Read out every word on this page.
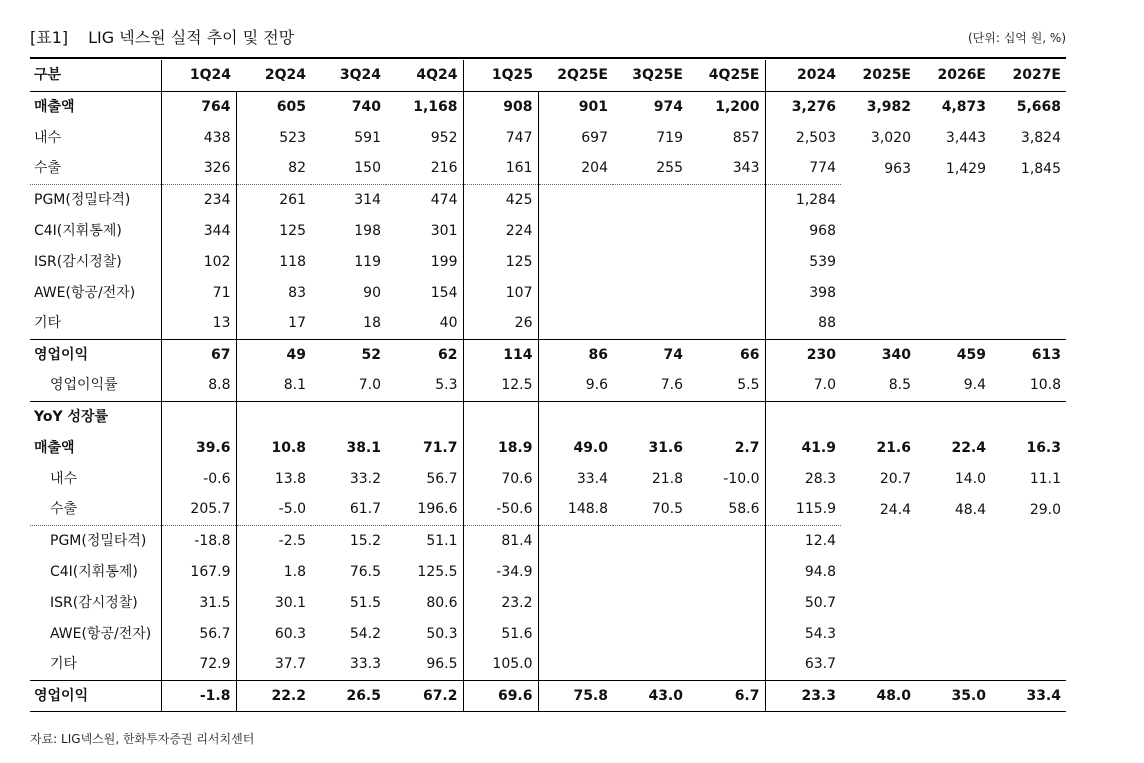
[표1] LIG 넥스원 실적 추이 및 전망	(단위: 십억 원, %)
구분	1Q24	2Q24	3Q24	4Q24	1Q25	2Q25E	3Q25E	4Q25E	2024	2025E	2026E	2027E
매출액	764	605	740	1,168	908	901	974	1,200	3,276	3,982	4,873	5,668
내수	438	523	591	952	747	697	719	857	2,503	3,020	3,443	3,824
수출	326	82	150	216	161	204	255	343	774	963	1,429	1,845
PGM(정밀타격)	234	261	314	474	425				1,284			
C4I(지휘통제)	344	125	198	301	224				968			
ISR(감시정찰)	102	118	119	199	125				539			
AWE(항공/전자)	71	83	90	154	107				398			
기타	13	17	18	40	26				88			
영업이익	67	49	52	62	114	86	74	66	230	340	459	613
영업이익률	8.8	8.1	7.0	5.3	12.5	9.6	7.6	5.5	7.0	8.5	9.4	10.8
YoY 성장률												
매출액	39.6	10.8	38.1	71.7	18.9	49.0	31.6	2.7	41.9	21.6	22.4	16.3
내수	-0.6	13.8	33.2	56.7	70.6	33.4	21.8	-10.0	28.3	20.7	14.0	11.1
수출	205.7	-5.0	61.7	196.6	-50.6	148.8	70.5	58.6	115.9	24.4	48.4	29.0
PGM(정밀타격)	-18.8	-2.5	15.2	51.1	81.4				12.4			
C4I(지휘통제)	167.9	1.8	76.5	125.5	-34.9				94.8			
ISR(감시정찰)	31.5	30.1	51.5	80.6	23.2				50.7			
AWE(항공/전자)	56.7	60.3	54.2	50.3	51.6				54.3			
기타	72.9	37.7	33.3	96.5	105.0				63.7			
영업이익	-1.8	22.2	26.5	67.2	69.6	75.8	43.0	6.7	23.3	48.0	35.0	33.4
자료: LIG넥스원, 한화투자증권 리서치센터
